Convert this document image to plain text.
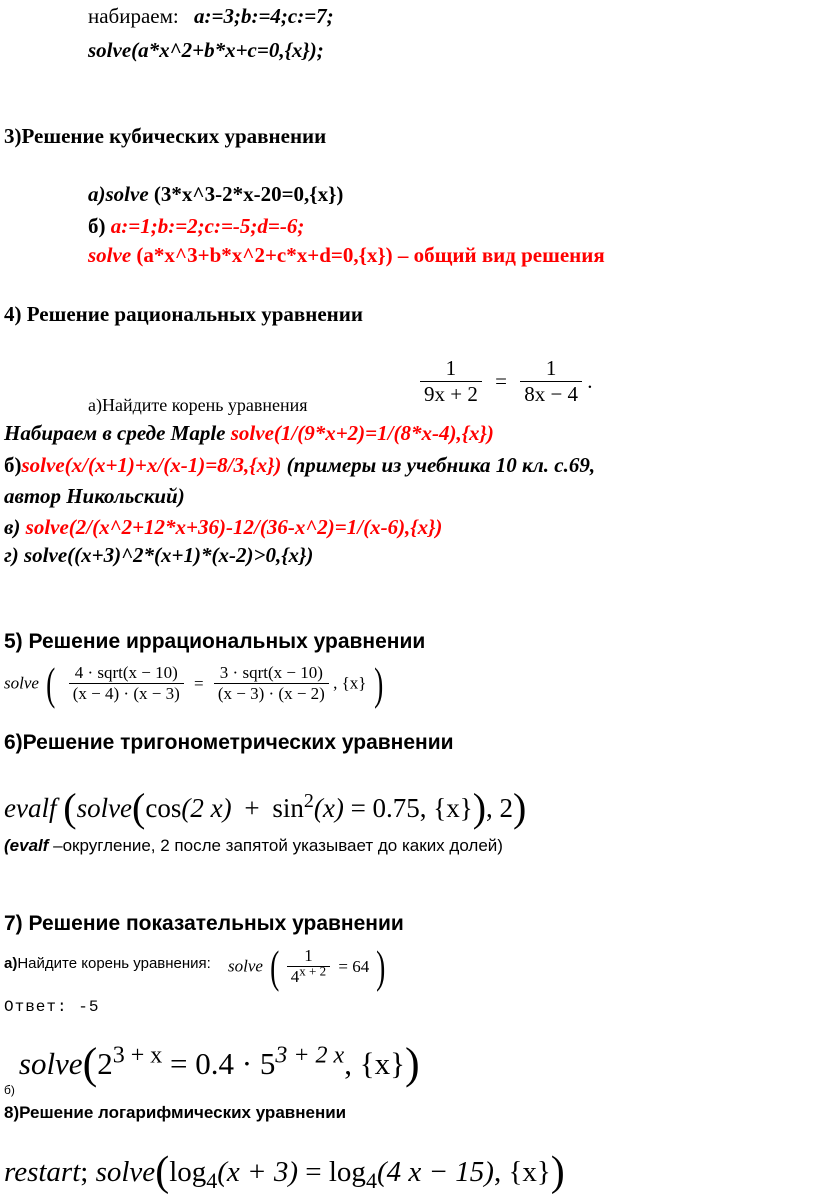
набираем: a:=3;b:=4;c:=7;
solve(a*x^2+b*x+c=0,{x});
3)Решение кубических уравнении
а)solve (3*x^3-2*x-20=0,{x})
б) a:=1;b:=2;c:=-5;d=-6;
solve (a*x^3+b*x^2+c*x+d=0,{x}) – общий вид решения
4) Решение рациональных уравнении
а)Найдите корень уравнения	$\frac{1}{9x + 2} = \frac{1}{8x - 4}$ .
Набираем в среде Maple solve(1/(9*x+2)=1/(8*x-4),{x})
б)solve(x/(x+1)+x/(x-1)=8/3,{x}) (примеры из учебника 10 кл. с.69,
автор Никольский)
в) solve(2/(x^2+12*x+36)-12/(36-x^2)=1/(x-6),{x})
г) solve((x+3)^2*(x+1)*(x-2)>0,{x})
5) Решение иррациональных уравнении
solve ( $\frac{\text{4 · sqrt(x − 10)}}{(x - 4) \cdot (x - 3)} = \frac{\text{3 · sqrt(x − 10)}}{(x - 3) \cdot (x - 2)}$ , {x} )
6)Решение тригонометрических уравнении
evalf (solve(cos(2 $x) + \sin^2(x) = 0.75$, {x}), 2)
(evalf –округление, 2 после запятой указывает до каких долей)
7) Решение показательных уравнении
а)Найдите корень уравнения: solve ( $\frac{1}{4^{x + 2}} = 64$ )
Ответ: -5
$_{б)}$ $solve(2^{3 + x} = 0.4 \cdot 5^{3 + 2 x}$, {x})
8)Решение логарифмических уравнении
restart; $solve(\log_4(x + 3) = \log_4(4$ x − 15), {x})
